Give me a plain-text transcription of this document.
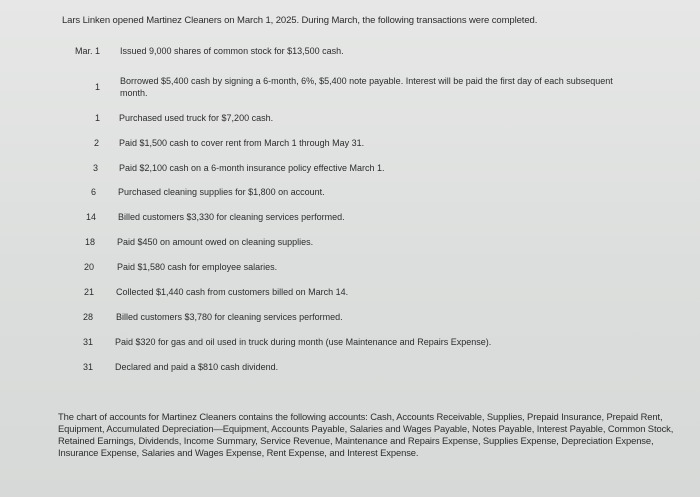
Lars Linken opened Martinez Cleaners on March 1, 2025. During March, the following transactions were completed.
Mar. 1 Issued 9,000 shares of common stock for $13,500 cash.
1
Borrowed $5,400 cash by signing a 6-month, 6%, $5,400 note payable. Interest will be paid the first day of each subsequent month.
1 Purchased used truck for $7,200 cash.
2 Paid $1,500 cash to cover rent from March 1 through May 31.
3 Paid $2,100 cash on a 6-month insurance policy effective March 1.
6 Purchased cleaning supplies for $1,800 on account.
14 Billed customers $3,330 for cleaning services performed.
18 Paid $450 on amount owed on cleaning supplies.
20	Paid $1,580 cash for employee salaries.
21 Collected $1,440 cash from customers billed on March 14.
28	Billed customers $3,780 for cleaning services performed.
31 Paid $320 for gas and oil used in truck during month (use Maintenance and Repairs Expense).
31 Declared and paid a $810 cash dividend.
The chart of accounts for Martinez Cleaners contains the following accounts: Cash, Accounts Receivable, Supplies, Prepaid Insurance, Prepaid Rent, Equipment, Accumulated Depreciation—Equipment, Accounts Payable, Salaries and Wages Payable, Notes Payable, Interest Payable, Common Stock, Retained Earnings, Dividends, Income Summary, Service Revenue, Maintenance and Repairs Expense, Supplies Expense, Depreciation Expense, Insurance Expense, Salaries and Wages Expense, Rent Expense, and Interest Expense.
